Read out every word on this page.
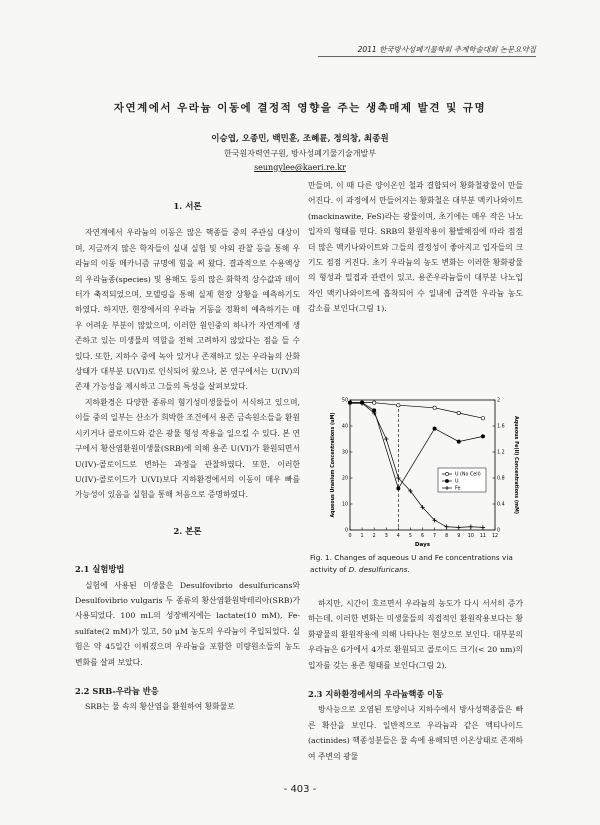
2011 한국방사성폐기물학회 추계학술대회 논문요약집
자연계에서 우라늄 이동에 결정적 영향을 주는 생촉매제 발견 및 규명
이승엽, 오종민, 백민훈, 조혜륜, 정의창, 최종원
한국원자력연구원, 방사성폐기물기술개발부
seungylee@kaeri.re.kr
1. 서론

자연계에서 우라늄의 이동은 많은 핵종들 중의 주관심 대상이며, 지금까지 많은 학자들이 실내 실험 및 야외 관찰 등을 통해 우라늄의 이동 메카니즘 규명에 힘을 써 왔다. 결과적으로 수용액상의 우라늄종(species) 및 용해도 등의 많은 화학적 상수값과 데이터가 축적되었으며, 모델링을 통해 실제 현장 상황을 예측하기도 하였다. 하지만, 현장에서의 우라늄 거동을 정확히 예측하기는 매우 어려운 부분이 많았으며, 이러한 원인중의 하나가 자연계에 생존하고 있는 미생물의 역할을 전혀 고려하지 않았다는 점을 들 수 있다. 또한, 지하수 중에 녹아 있거나 존재하고 있는 우라늄의 산화상태가 대부분 U(VI)로 인식되어 왔으나, 본 연구에서는 U(IV)의 존재 가능성을 제시하고 그들의 특성을 살펴보았다.

지하환경은 다양한 종류의 혐기성미생물들이 서식하고 있으며, 이들 중의 일부는 산소가 희박한 조건에서 용존 금속원소들을 환원시키거나 콜로이드와 같은 광물 형성 작용을 일으킬 수 있다. 본 연구에서 황산염환원미생물(SRB)에 의해 용존 U(VI)가 환원되면서 U(IV)-콜로이드로 변하는 과정을 관찰하였다. 또한, 이러한 U(IV)-콜로이드가 U(VI)보다 지하환경에서의 이동이 매우 빠를 가능성이 있음을 실험을 통해 처음으로 증명하였다.

2. 본론
2.1 실험방법

실험에 사용된 미생물은 Desulfovibrio desulfuricans와 Desulfovibrio vulgaris 두 종류의 황산염환원박테리아(SRB)가 사용되었다. 100 mL의 성장배지에는 lactate(10 mM), Fe-sulfate(2 mM)가 있고, 50 μM 농도의 우라늄이 주입되었다. 실험은 약 45일간 이뤄졌으며 우라늄을 포함한 미량원소들의 농도 변화를 살펴 보았다.

2.2 SRB-우라늄 반응

SRB는 물 속의 황산염을 환원하여 황화물로

만들며, 이 때 다른 양이온인 철과 결합되어 황화철광물이 만들어진다. 이 과정에서 만들어지는 황화철은 대부분 맥키나와이트(mackinawite, FeS)라는 광물이며, 초기에는 매우 작은 나노입자의 형태를 띤다. SRB의 환원작용이 활발해짐에 따라 점점 더 많은 맥키나와이트와 그들의 결정성이 좋아지고 입자들의 크기도 점점 커진다. 초기 우라늄의 농도 변화는 이러한 황화광물의 형성과 밀접과 관련이 있고, 용존우라늄들이 대부분 나노입자인 맥키나와이트에 흡착되어 수 일내에 급격한 우라늄 농도 감소를 보인다(그림 1).

0 1 2 3 4 5 6 7 8 9 10 11 12
0
10
20
30
40
50
0
0.4
0.8
1.2
1.6
2
Days
Aqueous Uranium Concentrations (uM)	Aqueous Fe(II) Concentrations (mM)
U (No Cell)
U
Fe
Fig. 1. Changes of aqueous U and Fe concentrations via activity of D. desulfuricans.

하지만, 시간이 흐르면서 우라늄의 농도가 다시 서서히 증가하는데, 이러한 변화는 미생물들의 직접적인 환원작용보다는 황화광물의 환원작용에 의해 나타나는 현상으로 보인다. 대부분의 우라늄은 6가에서 4가로 환원되고 콜로이드 크기(< 20 nm)의 입자를 갖는 용존 형태를 보인다(그림 2).

2.3 지하환경에서의 우라늄핵종 이동

방사능으로 오염된 토양이나 지하수에서 방사성핵종들은 빠른 확산을 보인다. 일반적으로 우라늄과 같은 액티나이드(actinides) 핵종성분들은 물 속에 용해되면 이온상태로 존재하여 주변의 광물

- 403 -
